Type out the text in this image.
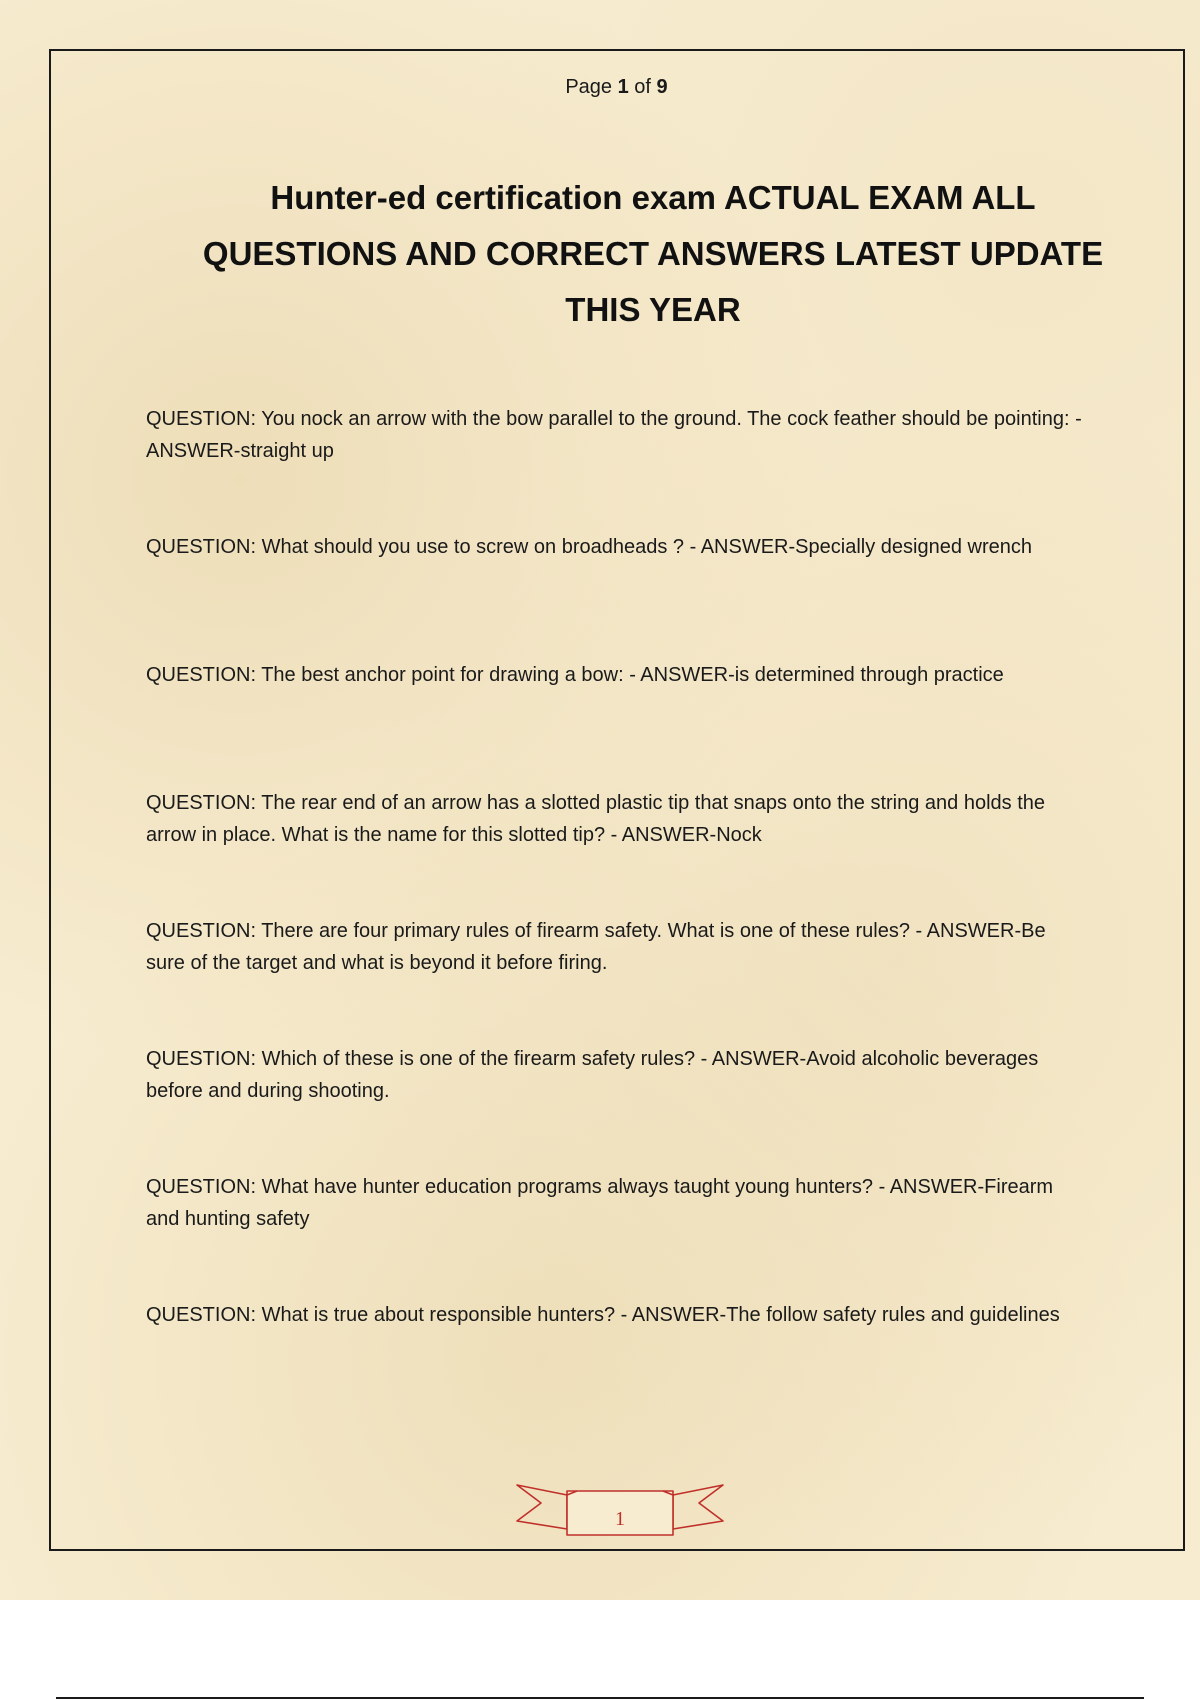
Page 1 of 9
Hunter-ed certification exam ACTUAL EXAM ALL QUESTIONS AND CORRECT ANSWERS LATEST UPDATE THIS YEAR
QUESTION: You nock an arrow with the bow parallel to the ground. The cock feather should be pointing: - ANSWER-straight up
QUESTION: What should you use to screw on broadheads ? - ANSWER-Specially designed wrench
QUESTION: The best anchor point for drawing a bow: - ANSWER-is determined through practice
QUESTION: The rear end of an arrow has a slotted plastic tip that snaps onto the string and holds the arrow in place. What is the name for this slotted tip? - ANSWER-Nock
QUESTION: There are four primary rules of firearm safety. What is one of these rules? - ANSWER-Be sure of the target and what is beyond it before firing.
QUESTION: Which of these is one of the firearm safety rules? - ANSWER-Avoid alcoholic beverages before and during shooting.
QUESTION: What have hunter education programs always taught young hunters? - ANSWER-Firearm and hunting safety
QUESTION: What is true about responsible hunters? - ANSWER-The follow safety rules and guidelines
1
